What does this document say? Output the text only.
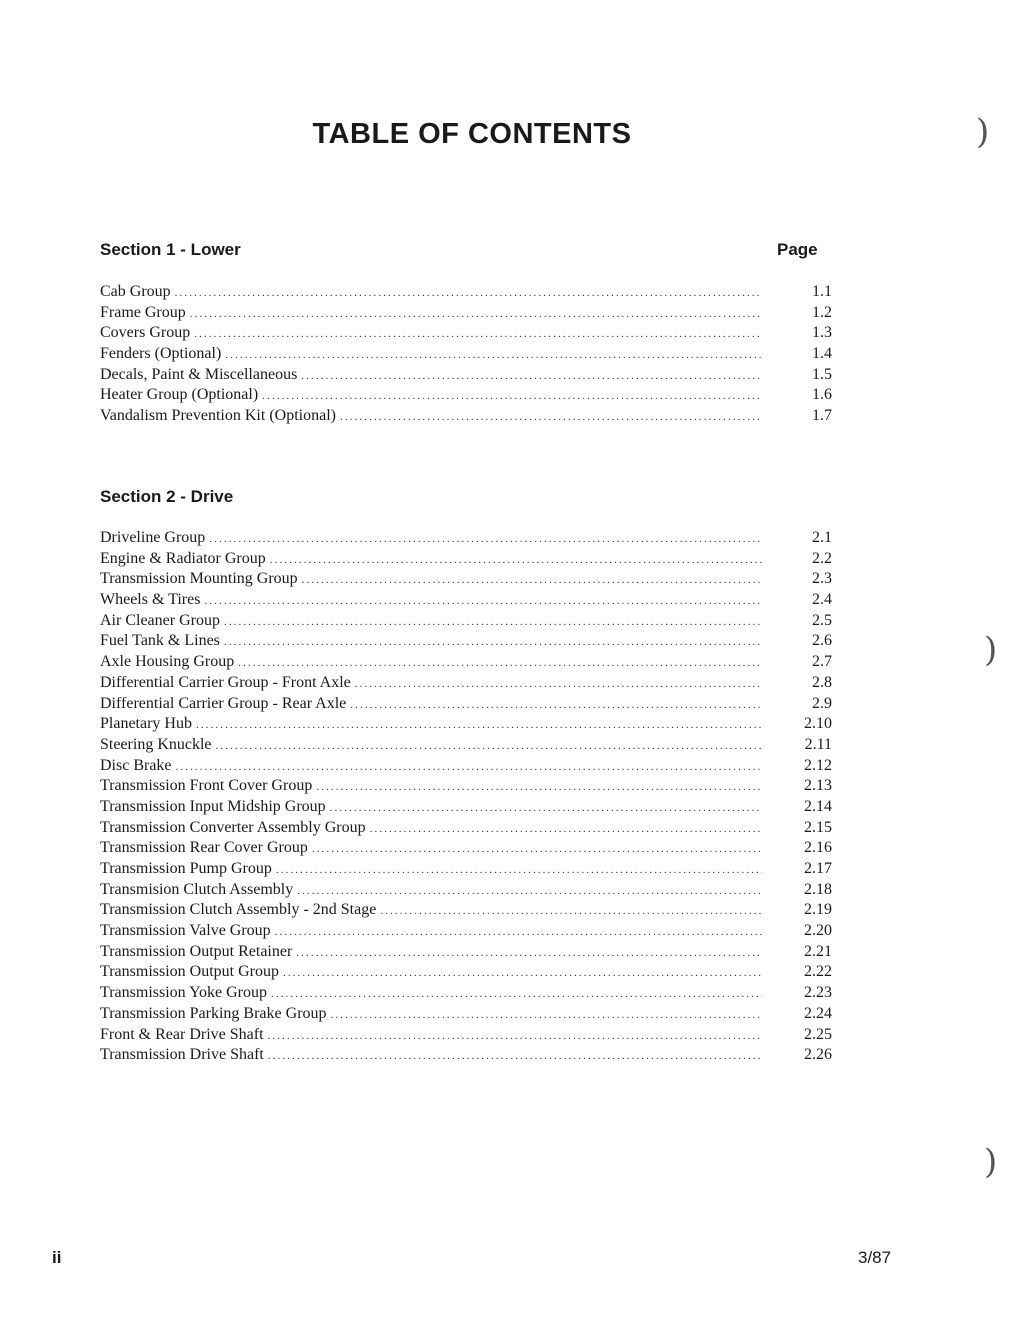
TABLE OF CONTENTS
Section 1 - Lower	Page
Cab Group .....	1.1
Frame Group .....	1.2
Covers Group .....	1.3
Fenders (Optional) .....	1.4
Decals, Paint & Miscellaneous .....	1.5
Heater Group (Optional) .....	1.6
Vandalism Prevention Kit (Optional) .....	1.7
Section 2 - Drive
Driveline Group .....	2.1
Engine & Radiator Group .....	2.2
Transmission Mounting Group .....	2.3
Wheels & Tires .....	2.4
Air Cleaner Group .....	2.5
Fuel Tank & Lines .....	2.6
Axle Housing Group .....	2.7
Differential Carrier Group - Front Axle .....	2.8
Differential Carrier Group - Rear Axle .....	2.9
Planetary Hub .....	2.10
Steering Knuckle .....	2.11
Disc Brake .....	2.12
Transmission Front Cover Group .....	2.13
Transmission Input Midship Group .....	2.14
Transmission Converter Assembly Group .....	2.15
Transmission Rear Cover Group .....	2.16
Transmission Pump Group .....	2.17
Transmision Clutch Assembly .....	2.18
Transmission Clutch Assembly - 2nd Stage .....	2.19
Transmission Valve Group .....	2.20
Transmission Output Retainer .....	2.21
Transmission Output Group .....	2.22
Transmission Yoke Group .....	2.23
Transmission Parking Brake Group .....	2.24
Front & Rear Drive Shaft .....	2.25
Transmission Drive Shaft .....	2.26
ii	3/87
)
)
)
